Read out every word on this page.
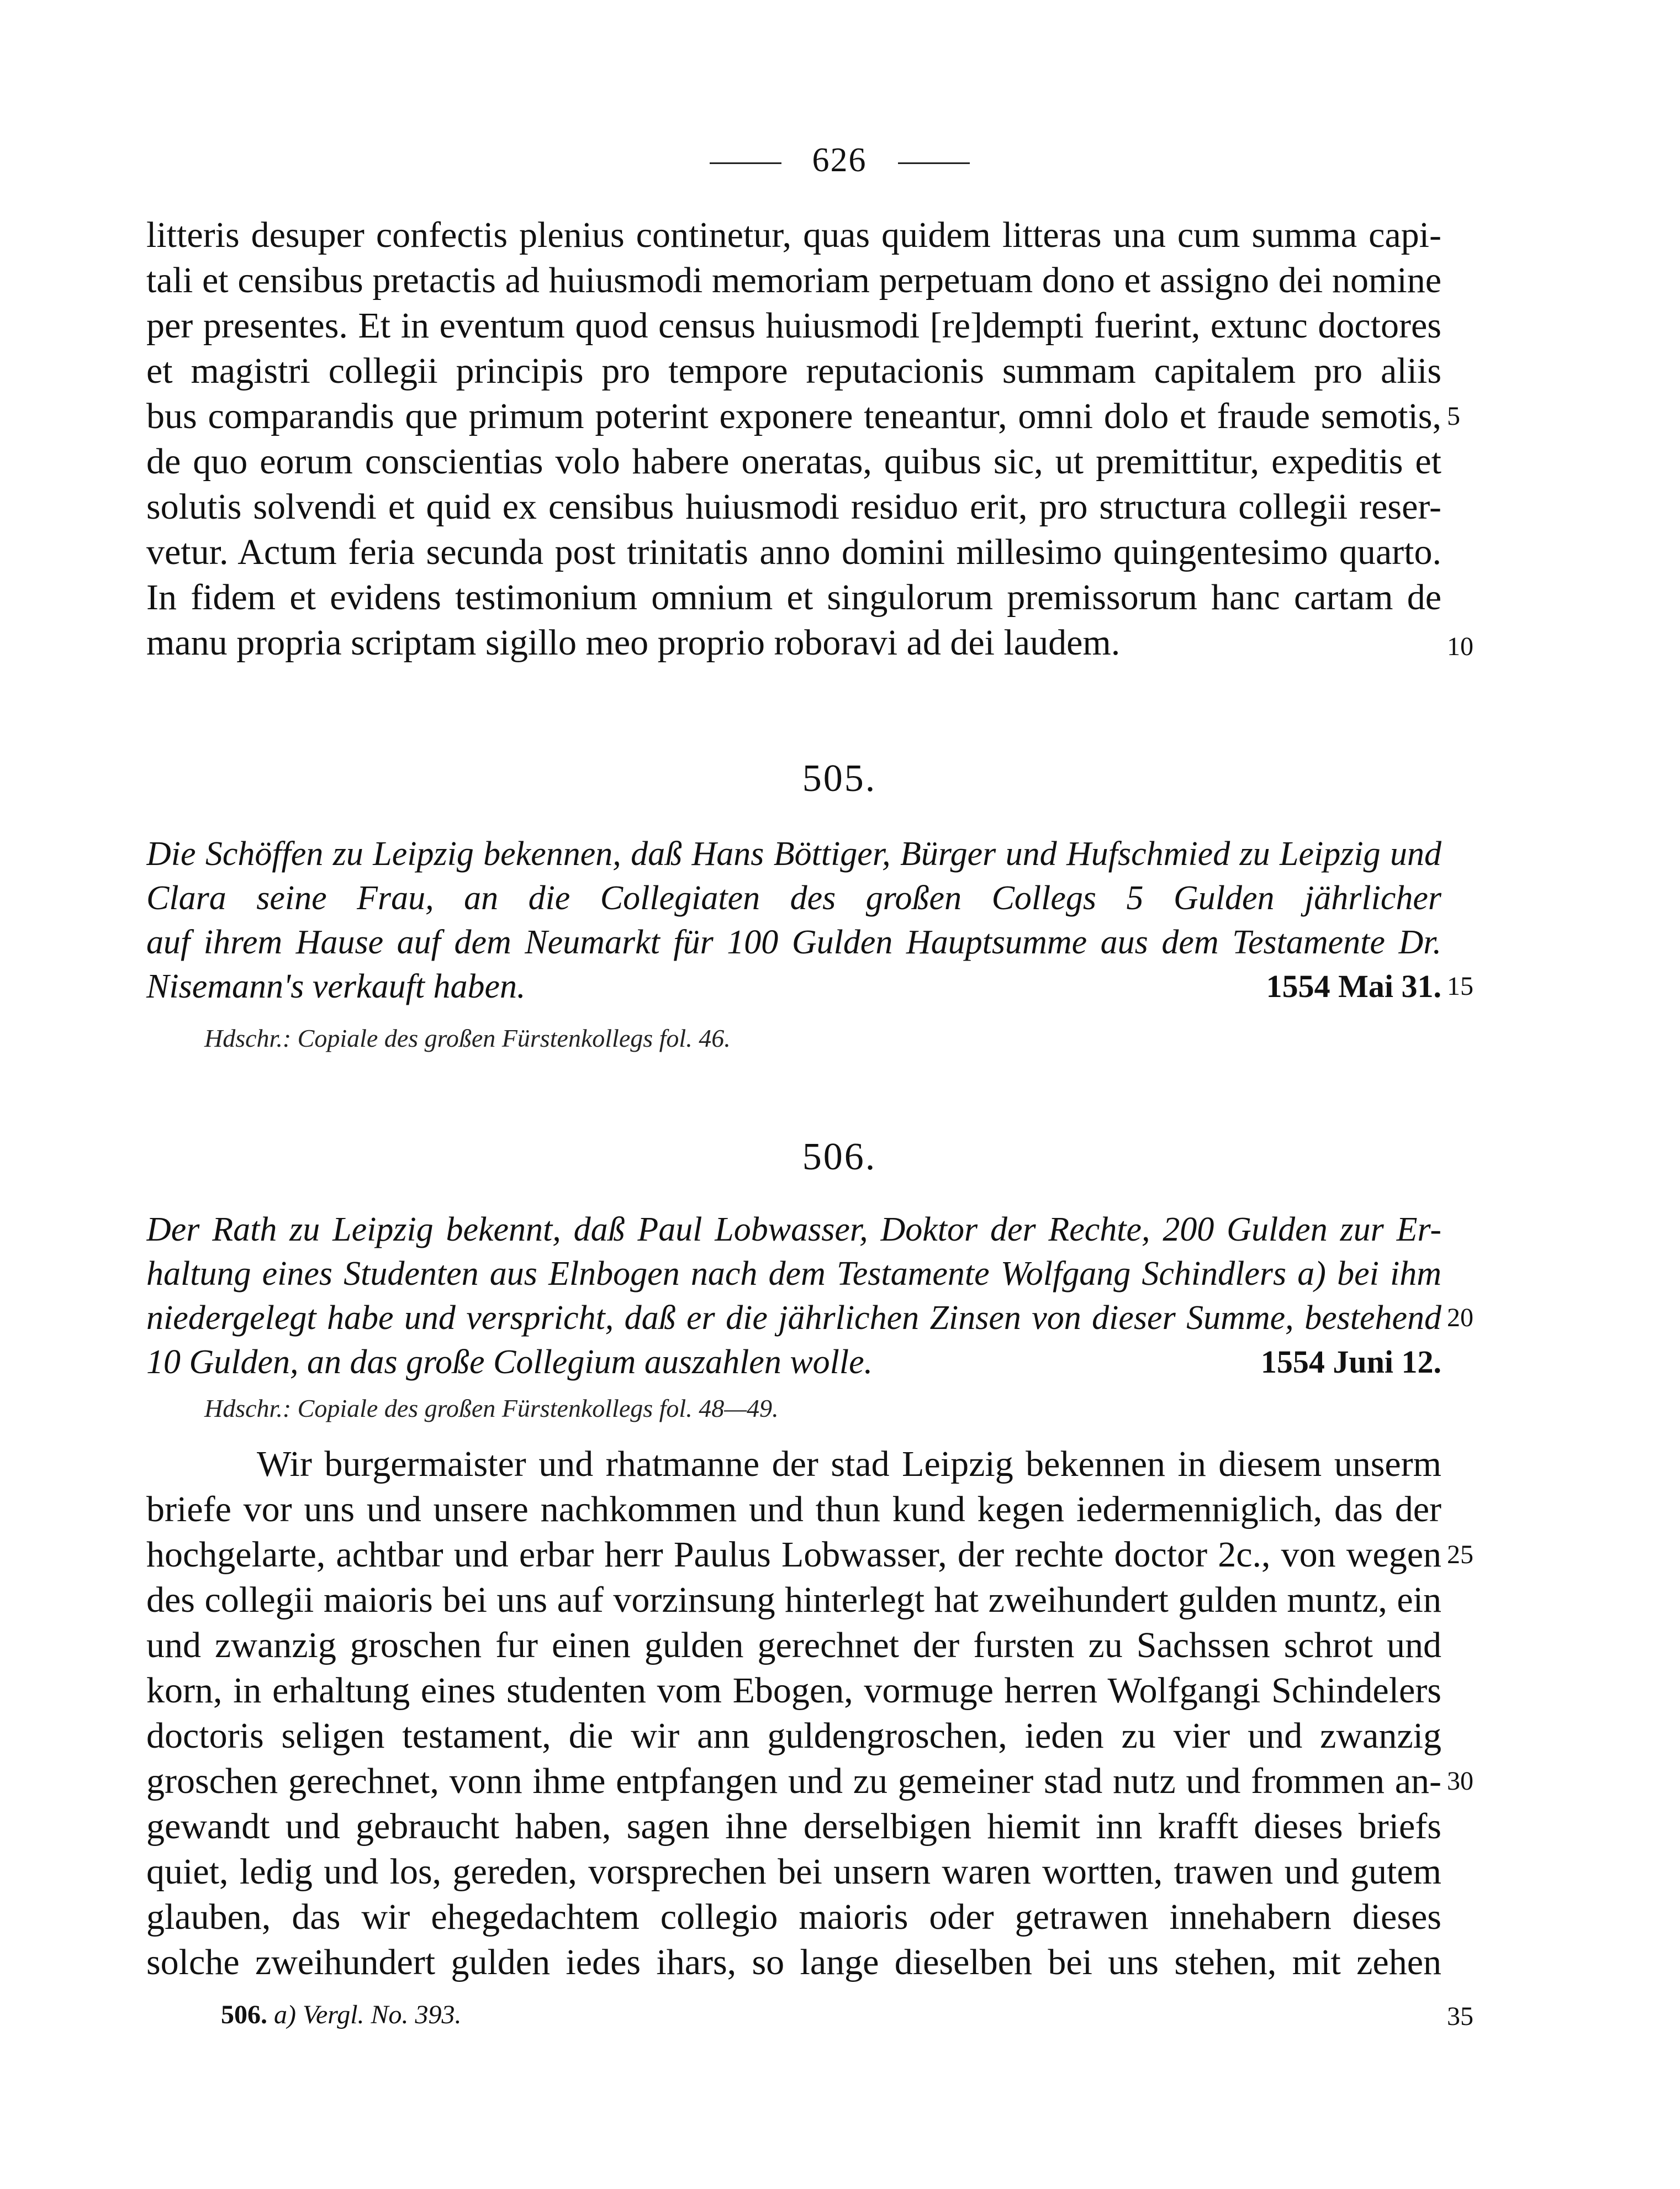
626
litteris desuper confectis plenius continetur, quas quidem litteras una cum summa capi-
tali et censibus pretactis ad huiusmodi memoriam perpetuam dono et assigno dei nomine
per presentes. Et in eventum quod census huiusmodi [re]dempti fuerint, extunc doctores
et magistri collegii principis pro tempore reputacionis summam capitalem pro aliis
bus comparandis que primum poterint exponere teneantur, omni dolo et fraude semotis,
de quo eorum conscientias volo habere oneratas, quibus sic, ut premittitur, expeditis et
solutis solvendi et quid ex censibus huiusmodi residuo erit, pro structura collegii reser-
vetur. Actum feria secunda post trinitatis anno domini millesimo quingentesimo quarto.
In fidem et evidens testimonium omnium et singulorum premissorum hanc cartam de
manu propria scriptam sigillo meo proprio roboravi ad dei laudem.
5
10
505.
Die Schöffen zu Leipzig bekennen, daß Hans Böttiger, Bürger und Hufschmied zu Leipzig und
Clara seine Frau, an die Collegiaten des großen Collegs 5 Gulden jährlicher
auf ihrem Hause auf dem Neumarkt für 100 Gulden Hauptsumme aus dem Testamente Dr.
Nisemann's verkauft haben.	1554 Mai 31. 15
Hdschr.: Copiale des großen Fürstenkollegs fol. 46.
506.
Der Rath zu Leipzig bekennt, daß Paul Lobwasser, Doktor der Rechte, 200 Gulden zur Er-
haltung eines Studenten aus Elnbogen nach dem Testamente Wolfgang Schindlers a) bei ihm
niedergelegt habe und verspricht, daß er die jährlichen Zinsen von dieser Summe, bestehend
10 Gulden, an das große Collegium auszahlen wolle.	1554 Juni 12.
20
Hdschr.: Copiale des großen Fürstenkollegs fol. 48—49.
Wir burgermaister und rhatmanne der stad Leipzig bekennen in diesem unserm
briefe vor uns und unsere nachkommen und thun kund kegen iedermenniglich, das der
hochgelarte, achtbar und erbar herr Paulus Lobwasser, der rechte doctor 2c., von wegen
des collegii maioris bei uns auf vorzinsung hinterlegt hat zweihundert gulden muntz, ein
und zwanzig groschen fur einen gulden gerechnet der fursten zu Sachssen schrot und
korn, in erhaltung eines studenten vom Ebogen, vormuge herren Wolfgangi Schindelers
doctoris seligen testament, die wir ann guldengroschen, ieden zu vier und zwanzig
groschen gerechnet, vonn ihme entpfangen und zu gemeiner stad nutz und frommen an-
gewandt und gebraucht haben, sagen ihne derselbigen hiemit inn krafft dieses briefs
quiet, ledig und los, gereden, vorsprechen bei unsern waren wortten, trawen und gutem
glauben, das wir ehegedachtem collegio maioris oder getrawen innehabern dieses
solche zweihundert gulden iedes ihars, so lange dieselben bei uns stehen, mit zehen
25
30
506. a) Vergl. No. 393.	35
